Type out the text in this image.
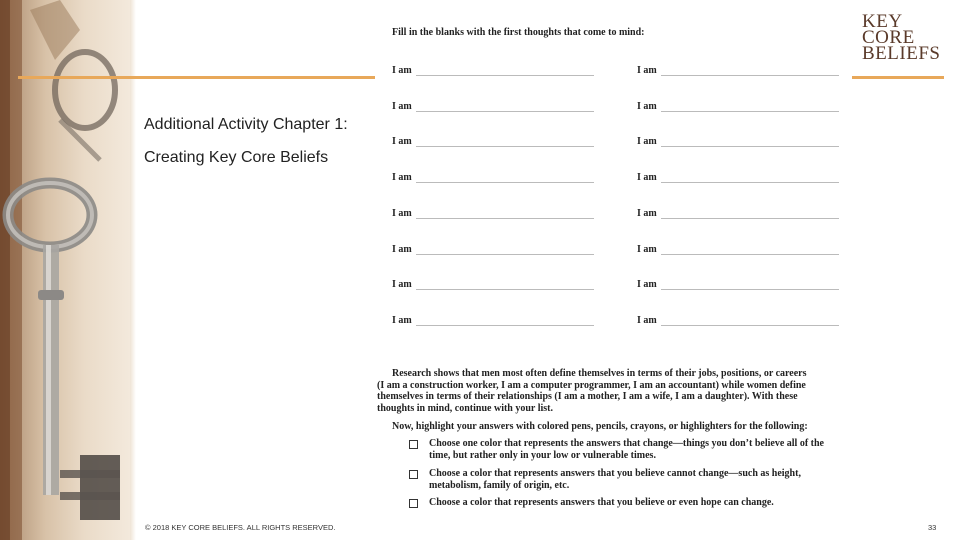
Additional Activity Chapter 1:
Creating Key Core Beliefs
KEY
CORE
BELIEFS
Fill in the blanks with the first thoughts that come to mind:
I am	I am
I am	I am
I am	I am
I am	I am
I am	I am
I am	I am
I am	I am
I am	I am
Research shows that men most often define themselves in terms of their jobs, positions, or careers
(I am a construction worker, I am a computer programmer, I am an accountant) while women define
themselves in terms of their relationships (I am a mother, I am a wife, I am a daughter). With these
thoughts in mind, continue with your list.
Now, highlight your answers with colored pens, pencils, crayons, or highlighters for the following:
Choose one color that represents the answers that change—things you don’t believe all of the
time, but rather only in your low or vulnerable times.
Choose a color that represents answers that you believe cannot change—such as height,
metabolism, family of origin, etc.
Choose a color that represents answers that you believe or even hope can change.
© 2018 KEY CORE BELIEFS. ALL RIGHTS RESERVED.	33
